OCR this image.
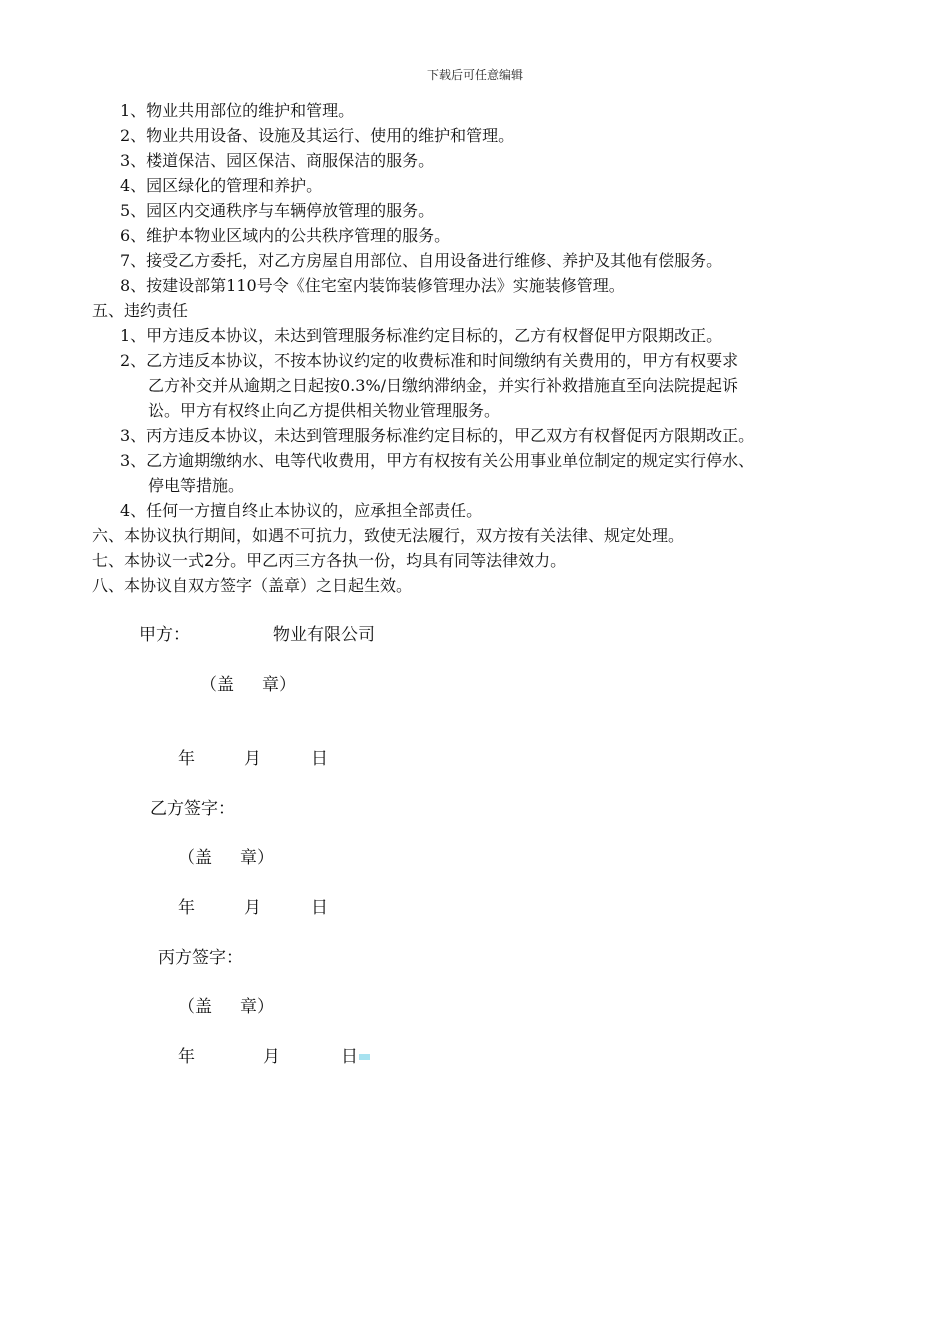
下载后可任意编辑
1、物业共用部位的维护和管理。
2、物业共用设备、设施及其运行、使用的维护和管理。
3、楼道保洁、园区保洁、商服保洁的服务。
4、园区绿化的管理和养护。
5、园区内交通秩序与车辆停放管理的服务。
6、维护本物业区域内的公共秩序管理的服务。
7、接受乙方委托，对乙方房屋自用部位、自用设备进行维修、养护及其他有偿服务。
8、按建设部第110号令《住宅室内装饰装修管理办法》实施装修管理。
五、违约责任
1、甲方违反本协议，未达到管理服务标准约定目标的，乙方有权督促甲方限期改正。
2、乙方违反本协议，不按本协议约定的收费标准和时间缴纳有关费用的，甲方有权要求
乙方补交并从逾期之日起按0.3%/日缴纳滞纳金，并实行补救措施直至向法院提起诉
讼。甲方有权终止向乙方提供相关物业管理服务。
3、丙方违反本协议，未达到管理服务标准约定目标的，甲乙双方有权督促丙方限期改正。
3、乙方逾期缴纳水、电等代收费用，甲方有权按有关公用事业单位制定的规定实行停水、
停电等措施。
4、任何一方擅自终止本协议的，应承担全部责任。
六、本协议执行期间，如遇不可抗力，致使无法履行，双方按有关法律、规定处理。
七、本协议一式2分。甲乙丙三方各执一份，均具有同等法律效力。
八、本协议自双方签字（盖章）之日起生效。
甲方：	物业有限公司
（盖 章）
年	月	日
乙方签字：
（盖 章）
年	月	日
丙方签字：
（盖 章）
年	月	日
